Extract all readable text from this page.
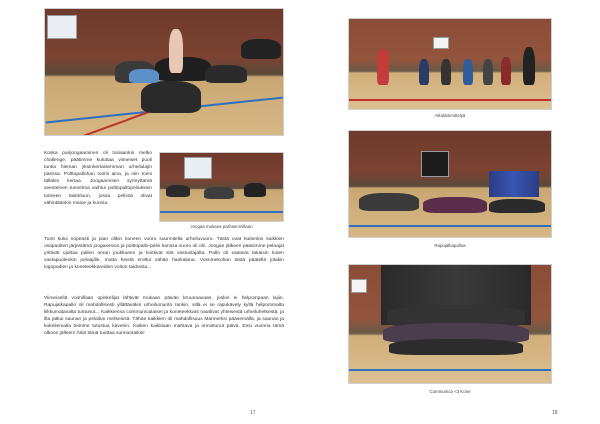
Koska parijoogaaminen oli tosiaankin melko challenge, päätimme kuluttaa viimeiset puoli tuntia hieman yksinkertaisemman urheilulajin parissa. Polttopallohan toimii aina, ja niin toimi tälläkin kertaa. Joogaamisen synnyttämä seesteinen tunnelma vaihtui polttopallopeliuksien totiseen taisteluun, jossa pelissä olivat vähintäänkin maine ja kunnia.

Joogaa mukana parhaimmillaan

Tunti kului nopeasti ja pian olikin koneen vuoro suunnitella urheiluvuoro. Tästä ovat kuitenkin kaikkien osapuolten järjestämä joogasessio ja polttopallo-pelin kanssa vuoro oli ohi. Joogan jälkeen pääsimme pelaajat yrittivät ujuttaa pallon oman joukkueen ja koittivat sitä vastustajalta. Pallo oli saatava takaisin kuten vastapuolenkin pelaajille, mutta heistä erottui vähän hankalana. Voimmekohan tästä päätellä jotakin logopedien ja koneteekkareiden voiton taidoista...

Viimeisellä voimillaan opiskelijat lähtivät mukaan päivän kruunaavaan, joskin ei helpompaan lajiin. Rapujalkapallo oli mahdollisesti yllättäväkin urheilumuoto rankin, sillä ei se rapukävely kyllä helpommalta liikkumatavalta tuntunut... Kaikkiensa communicalaiset ja koneteekkarit nauttivat yhteisestä urheiluhetkestä, ja ilta jatkui saunan ja pelailun merkeissä. Tähän kaikkien oli mahdollisuus Mannerksi pääsemällä, ja saunan ja kokeilemalla teimme tutustua kaveriin. Kaiken kaikkiaan mahtava ja onnistunut päivä. Ensi vuonna tämä olkoon jälleen! Äitiä tämä tuottaa sunnuntaiksi!

17

Alkulämmittelyä

Rapujalkapalloa

Communica <3 Kone

18
